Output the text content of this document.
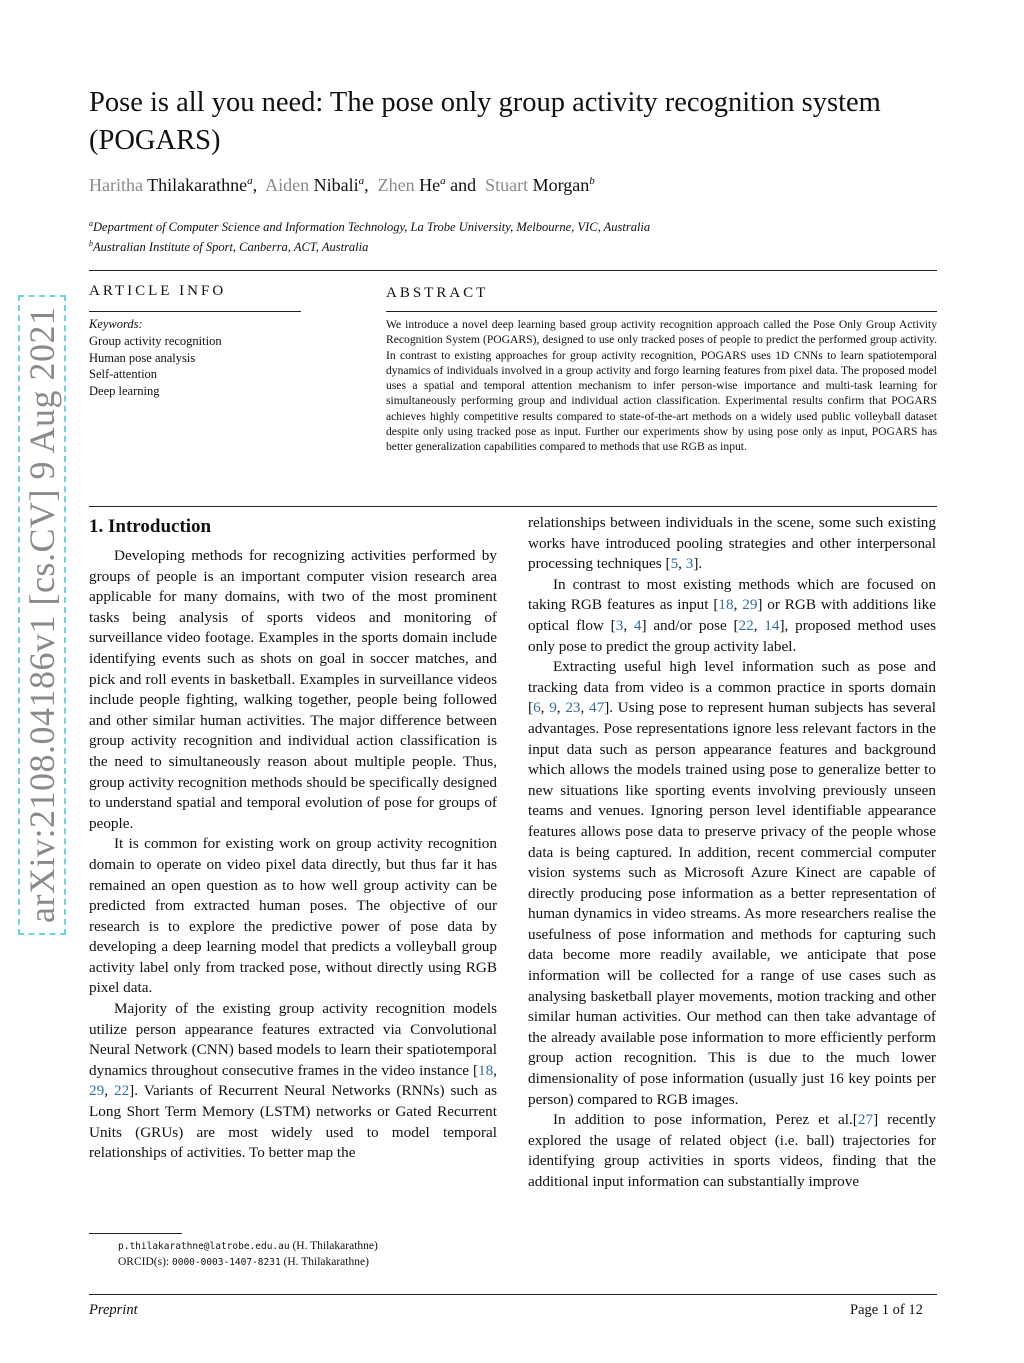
arXiv:2108.04186v1 [cs.CV] 9 Aug 2021
Pose is all you need: The pose only group activity recognition system (POGARS)
Haritha Thilakarathne$^a$,  Aiden Nibali$^a$,  Zhen He$^a$ and Stuart Morgan$^b$
$^a$Department of Computer Science and Information Technology, La Trobe University, Melbourne, VIC, Australia
$^b$Australian Institute of Sport, Canberra, ACT, Australia
ARTICLE INFO
Keywords:
Group activity recognition
Human pose analysis
Self-attention
Deep learning
ABSTRACT

We introduce a novel deep learning based group activity recognition approach called the Pose Only Group Activity Recognition System (POGARS), designed to use only tracked poses of people to predict the performed group activity. In contrast to existing approaches for group activity recognition, POGARS uses 1D CNNs to learn spatiotemporal dynamics of individuals involved in a group activity and forgo learning features from pixel data. The proposed model uses a spatial and temporal attention mechanism to infer person-wise importance and multi-task learning for simultaneously performing group and individual action classification. Experimental results confirm that POGARS achieves highly competitive results compared to state-of-the-art methods on a widely used public volleyball dataset despite only using tracked pose as input. Further our experiments show by using pose only as input, POGARS has better generalization capabilities compared to methods that use RGB as input.

1. Introduction

Developing methods for recognizing activities performed by groups of people is an important computer vision research area applicable for many domains, with two of the most prominent tasks being analysis of sports videos and monitoring of surveillance video footage. Examples in the sports domain include identifying events such as shots on goal in soccer matches, and pick and roll events in basketball. Examples in surveillance videos include people fighting, walking together, people being followed and other similar human activities. The major difference between group activity recognition and individual action classification is the need to simultaneously reason about multiple people. Thus, group activity recognition methods should be specifically designed to understand spatial and temporal evolution of pose for groups of people.

It is common for existing work on group activity recognition domain to operate on video pixel data directly, but thus far it has remained an open question as to how well group activity can be predicted from extracted human poses. The objective of our research is to explore the predictive power of pose data by developing a deep learning model that predicts a volleyball group activity label only from tracked pose, without directly using RGB pixel data.

Majority of the existing group activity recognition models utilize person appearance features extracted via Convolutional Neural Network (CNN) based models to learn their spatiotemporal dynamics throughout consecutive frames in the video instance [18, 29, 22]. Variants of Recurrent Neural Networks (RNNs) such as Long Short Term Memory (LSTM) networks or Gated Recurrent Units (GRUs) are most widely used to model temporal relationships of activities. To better map the

relationships between individuals in the scene, some such existing works have introduced pooling strategies and other interpersonal processing techniques [5, 3].

In contrast to most existing methods which are focused on taking RGB features as input [18, 29] or RGB with additions like optical flow [3, 4] and/or pose [22, 14], proposed method uses only pose to predict the group activity label.

Extracting useful high level information such as pose and tracking data from video is a common practice in sports domain [6, 9, 23, 47]. Using pose to represent human subjects has several advantages. Pose representations ignore less relevant factors in the input data such as person appearance features and background which allows the models trained using pose to generalize better to new situations like sporting events involving previously unseen teams and venues. Ignoring person level identifiable appearance features allows pose data to preserve privacy of the people whose data is being captured. In addition, recent commercial computer vision systems such as Microsoft Azure Kinect are capable of directly producing pose information as a better representation of human dynamics in video streams. As more researchers realise the usefulness of pose information and methods for capturing such data become more readily available, we anticipate that pose information will be collected for a range of use cases such as analysing basketball player movements, motion tracking and other similar human activities. Our method can then take advantage of the already available pose information to more efficiently perform group action recognition. This is due to the much lower dimensionality of pose information (usually just 16 key points per person) compared to RGB images.

In addition to pose information, Perez et al.[27] recently explored the usage of related object (i.e. ball) trajectories for identifying group activities in sports videos, finding that the additional input information can substantially improve

p.thilakarathne@latrobe.edu.au (H. Thilakarathne)
ORCID(s): 0000-0003-1407-8231 (H. Thilakarathne)
Preprint	Page 1 of 12
